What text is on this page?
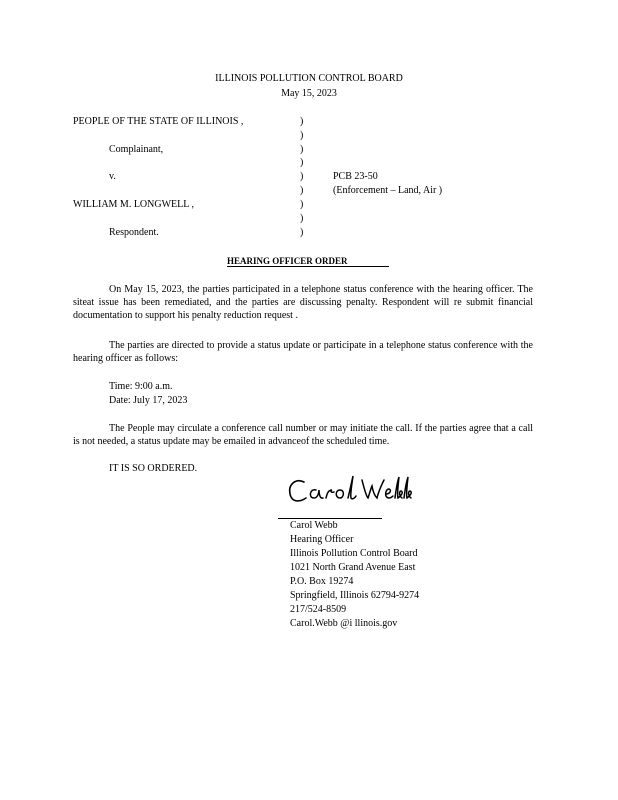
ILLINOIS POLLUTION CONTROL BOARD
May 15, 2023
PEOPLE OF THE STATE OF ILLINOIS ,
Complainant,
v.
WILLIAM M. LONGWELL ,
Respondent.
)
)
)
)
)
)
)
)
)
PCB 23-50
(Enforcement – Land, Air )
HEARING OFFICER ORDER
On May 15, 2023, the parties participated in a telephone status conference with the hearing officer. The siteat issue has been remediated, and the parties are discussing penalty. Respondent will re submit financial documentation to support his penalty reduction request .
The parties are directed to provide a status update or participate in a telephone status conference with the hearing officer as follows:
Time: 9:00 a.m.
Date: July 17, 2023
The People may circulate a conference call number or may initiate the call. If the parties agree that a call is not needed, a status update may be emailed in advanceof the scheduled time.
IT IS SO ORDERED.
Carol Webb
Hearing Officer
Illinois Pollution Control Board
1021 North Grand Avenue East
P.O. Box 19274
Springfield, Illinois 62794-9274
217/524-8509
Carol.Webb @i llinois.gov
